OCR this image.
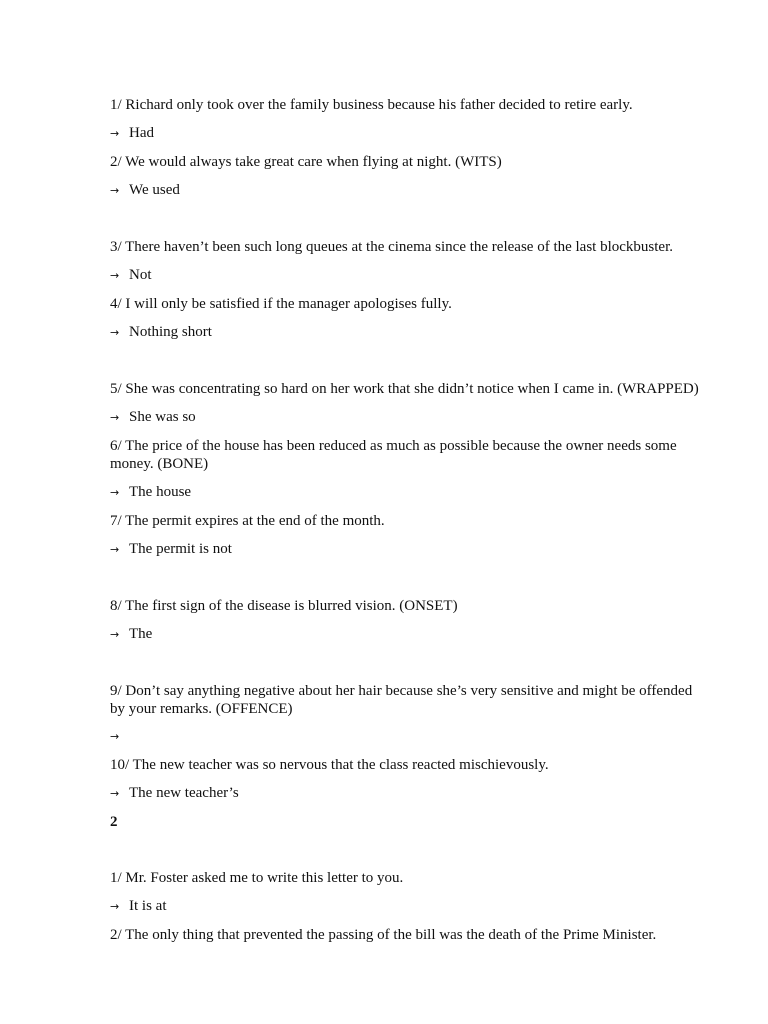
1/ Richard only took over the family business because his father decided to retire early.

→ Had

2/ We would always take great care when flying at night. (WITS)

→ We used

3/ There haven’t been such long queues at the cinema since the release of the last blockbuster.

→ Not

4/ I will only be satisfied if the manager apologises fully.

→ Nothing short

5/ She was concentrating so hard on her work that she didn’t notice when I came in. (WRAPPED)

→ She was so

6/ The price of the house has been reduced as much as possible because the owner needs some money. (BONE)

→ The house

7/ The permit expires at the end of the month.

→ The permit is not

8/ The first sign of the disease is blurred vision. (ONSET)

→ The

9/ Don’t say anything negative about her hair because she’s very sensitive and might be offended by your remarks. (OFFENCE)

→

10/ The new teacher was so nervous that the class reacted mischievously.

→ The new teacher’s

2

1/ Mr. Foster asked me to write this letter to you.

→ It is at

2/ The only thing that prevented the passing of the bill was the death of the Prime Minister.
